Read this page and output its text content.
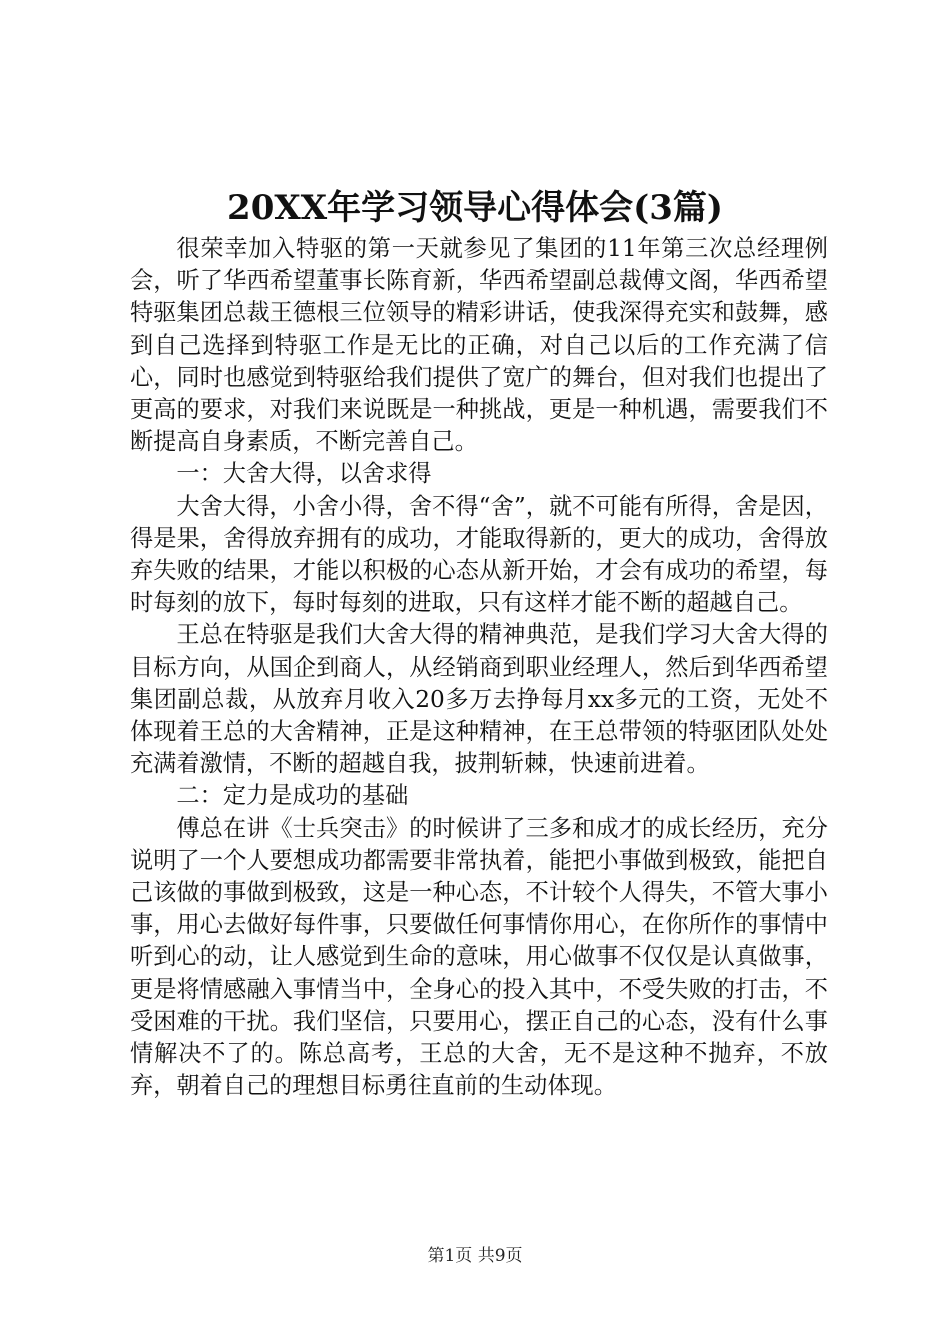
20XX年学习领导心得体会(3篇)

很荣幸加入特驱的第一天就参见了集团的11年第三次总经理例会，听了华西希望董事长陈育新，华西希望副总裁傅文阁，华西希望特驱集团总裁王德根三位领导的精彩讲话，使我深得充实和鼓舞，感到自己选择到特驱工作是无比的正确，对自己以后的工作充满了信心，同时也感觉到特驱给我们提供了宽广的舞台，但对我们也提出了更高的要求，对我们来说既是一种挑战，更是一种机遇，需要我们不断提高自身素质，不断完善自己。

一：大舍大得，以舍求得

大舍大得，小舍小得，舍不得“舍”，就不可能有所得，舍是因，得是果，舍得放弃拥有的成功，才能取得新的，更大的成功，舍得放弃失败的结果，才能以积极的心态从新开始，才会有成功的希望，每时每刻的放下，每时每刻的进取，只有这样才能不断的超越自己。

王总在特驱是我们大舍大得的精神典范，是我们学习大舍大得的目标方向，从国企到商人，从经销商到职业经理人，然后到华西希望集团副总裁，从放弃月收入20多万去挣每月xx多元的工资，无处不体现着王总的大舍精神，正是这种精神，在王总带领的特驱团队处处充满着激情，不断的超越自我，披荆斩棘，快速前进着。

二：定力是成功的基础

傅总在讲《士兵突击》的时候讲了三多和成才的成长经历，充分说明了一个人要想成功都需要非常执着，能把小事做到极致，能把自己该做的事做到极致，这是一种心态，不计较个人得失，不管大事小事，用心去做好每件事，只要做任何事情你用心，在你所作的事情中听到心的动，让人感觉到生命的意味，用心做事不仅仅是认真做事，更是将情感融入事情当中，全身心的投入其中，不受失败的打击，不受困难的干扰。我们坚信，只要用心，摆正自己的心态，没有什么事情解决不了的。陈总高考，王总的大舍，无不是这种不抛弃，不放弃，朝着自己的理想目标勇往直前的生动体现。

第1页 共9页
